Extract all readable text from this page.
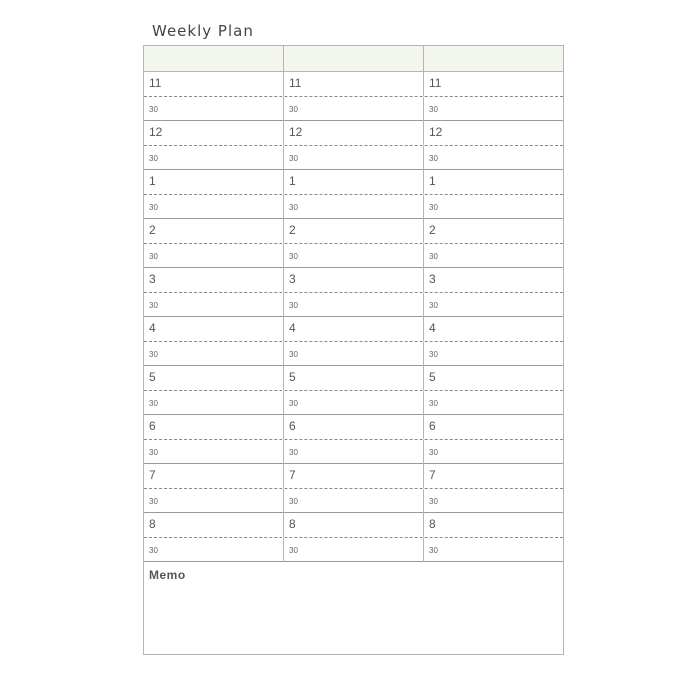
Weekly Plan
11	11	11
30	30	30
12	12	12
30	30	30
1	1	1
30	30	30
2	2	2
30	30	30
3	3	3
30	30	30
4	4	4
30	30	30
5	5	5
30	30	30
6	6	6
30	30	30
7	7	7
30	30	30
8	8	8
30	30	30
Memo
